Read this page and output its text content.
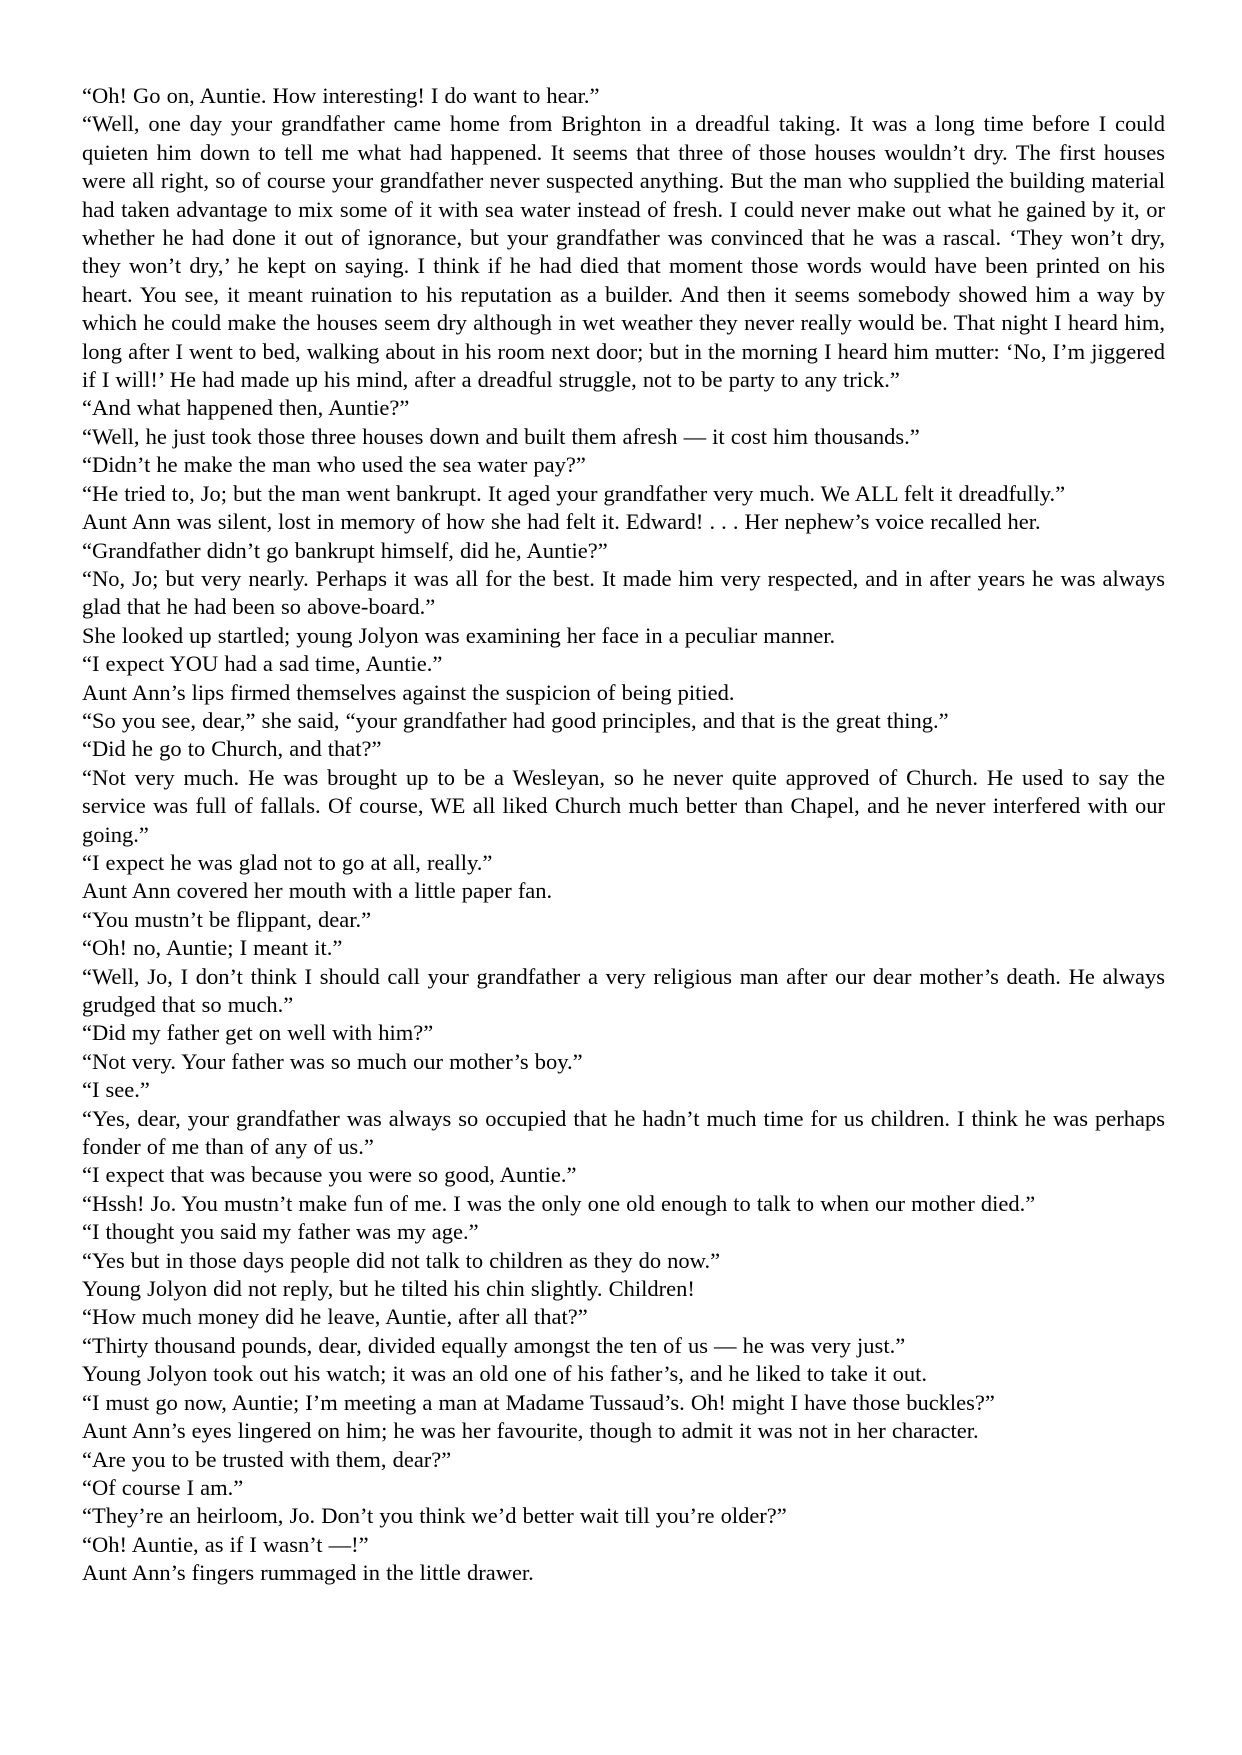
“Oh! Go on, Auntie. How interesting! I do want to hear.”

“Well, one day your grandfather came home from Brighton in a dreadful taking. It was a long time before I could quieten him down to tell me what had happened. It seems that three of those houses wouldn’t dry. The first houses were all right, so of course your grandfather never suspected anything. But the man who supplied the building material had taken advantage to mix some of it with sea water instead of fresh. I could never make out what he gained by it, or whether he had done it out of ignorance, but your grandfather was convinced that he was a rascal. ‘They won’t dry, they won’t dry,’ he kept on saying. I think if he had died that moment those words would have been printed on his heart. You see, it meant ruination to his reputation as a builder. And then it seems somebody showed him a way by which he could make the houses seem dry although in wet weather they never really would be. That night I heard him, long after I went to bed, walking about in his room next door; but in the morning I heard him mutter: ‘No, I’m jiggered if I will!’ He had made up his mind, after a dreadful struggle, not to be party to any trick.”

“And what happened then, Auntie?”

“Well, he just took those three houses down and built them afresh — it cost him thousands.”

“Didn’t he make the man who used the sea water pay?”

“He tried to, Jo; but the man went bankrupt. It aged your grandfather very much. We ALL felt it dreadfully.”

Aunt Ann was silent, lost in memory of how she had felt it. Edward! . . . Her nephew’s voice recalled her.

“Grandfather didn’t go bankrupt himself, did he, Auntie?”

“No, Jo; but very nearly. Perhaps it was all for the best. It made him very respected, and in after years he was always glad that he had been so above-board.”

She looked up startled; young Jolyon was examining her face in a peculiar manner.

“I expect YOU had a sad time, Auntie.”

Aunt Ann’s lips firmed themselves against the suspicion of being pitied.

“So you see, dear,” she said, “your grandfather had good principles, and that is the great thing.”

“Did he go to Church, and that?”

“Not very much. He was brought up to be a Wesleyan, so he never quite approved of Church. He used to say the service was full of fallals. Of course, WE all liked Church much better than Chapel, and he never interfered with our going.”

“I expect he was glad not to go at all, really.”

Aunt Ann covered her mouth with a little paper fan.

“You mustn’t be flippant, dear.”

“Oh! no, Auntie; I meant it.”

“Well, Jo, I don’t think I should call your grandfather a very religious man after our dear mother’s death. He always grudged that so much.”

“Did my father get on well with him?”

“Not very. Your father was so much our mother’s boy.”

“I see.”

“Yes, dear, your grandfather was always so occupied that he hadn’t much time for us children. I think he was perhaps fonder of me than of any of us.”

“I expect that was because you were so good, Auntie.”

“Hssh! Jo. You mustn’t make fun of me. I was the only one old enough to talk to when our mother died.”

“I thought you said my father was my age.”

“Yes but in those days people did not talk to children as they do now.”

Young Jolyon did not reply, but he tilted his chin slightly. Children!

“How much money did he leave, Auntie, after all that?”

“Thirty thousand pounds, dear, divided equally amongst the ten of us — he was very just.”

Young Jolyon took out his watch; it was an old one of his father’s, and he liked to take it out.

“I must go now, Auntie; I’m meeting a man at Madame Tussaud’s. Oh! might I have those buckles?”

Aunt Ann’s eyes lingered on him; he was her favourite, though to admit it was not in her character.

“Are you to be trusted with them, dear?”

“Of course I am.”

“They’re an heirloom, Jo. Don’t you think we’d better wait till you’re older?”

“Oh! Auntie, as if I wasn’t —!”

Aunt Ann’s fingers rummaged in the little drawer.
